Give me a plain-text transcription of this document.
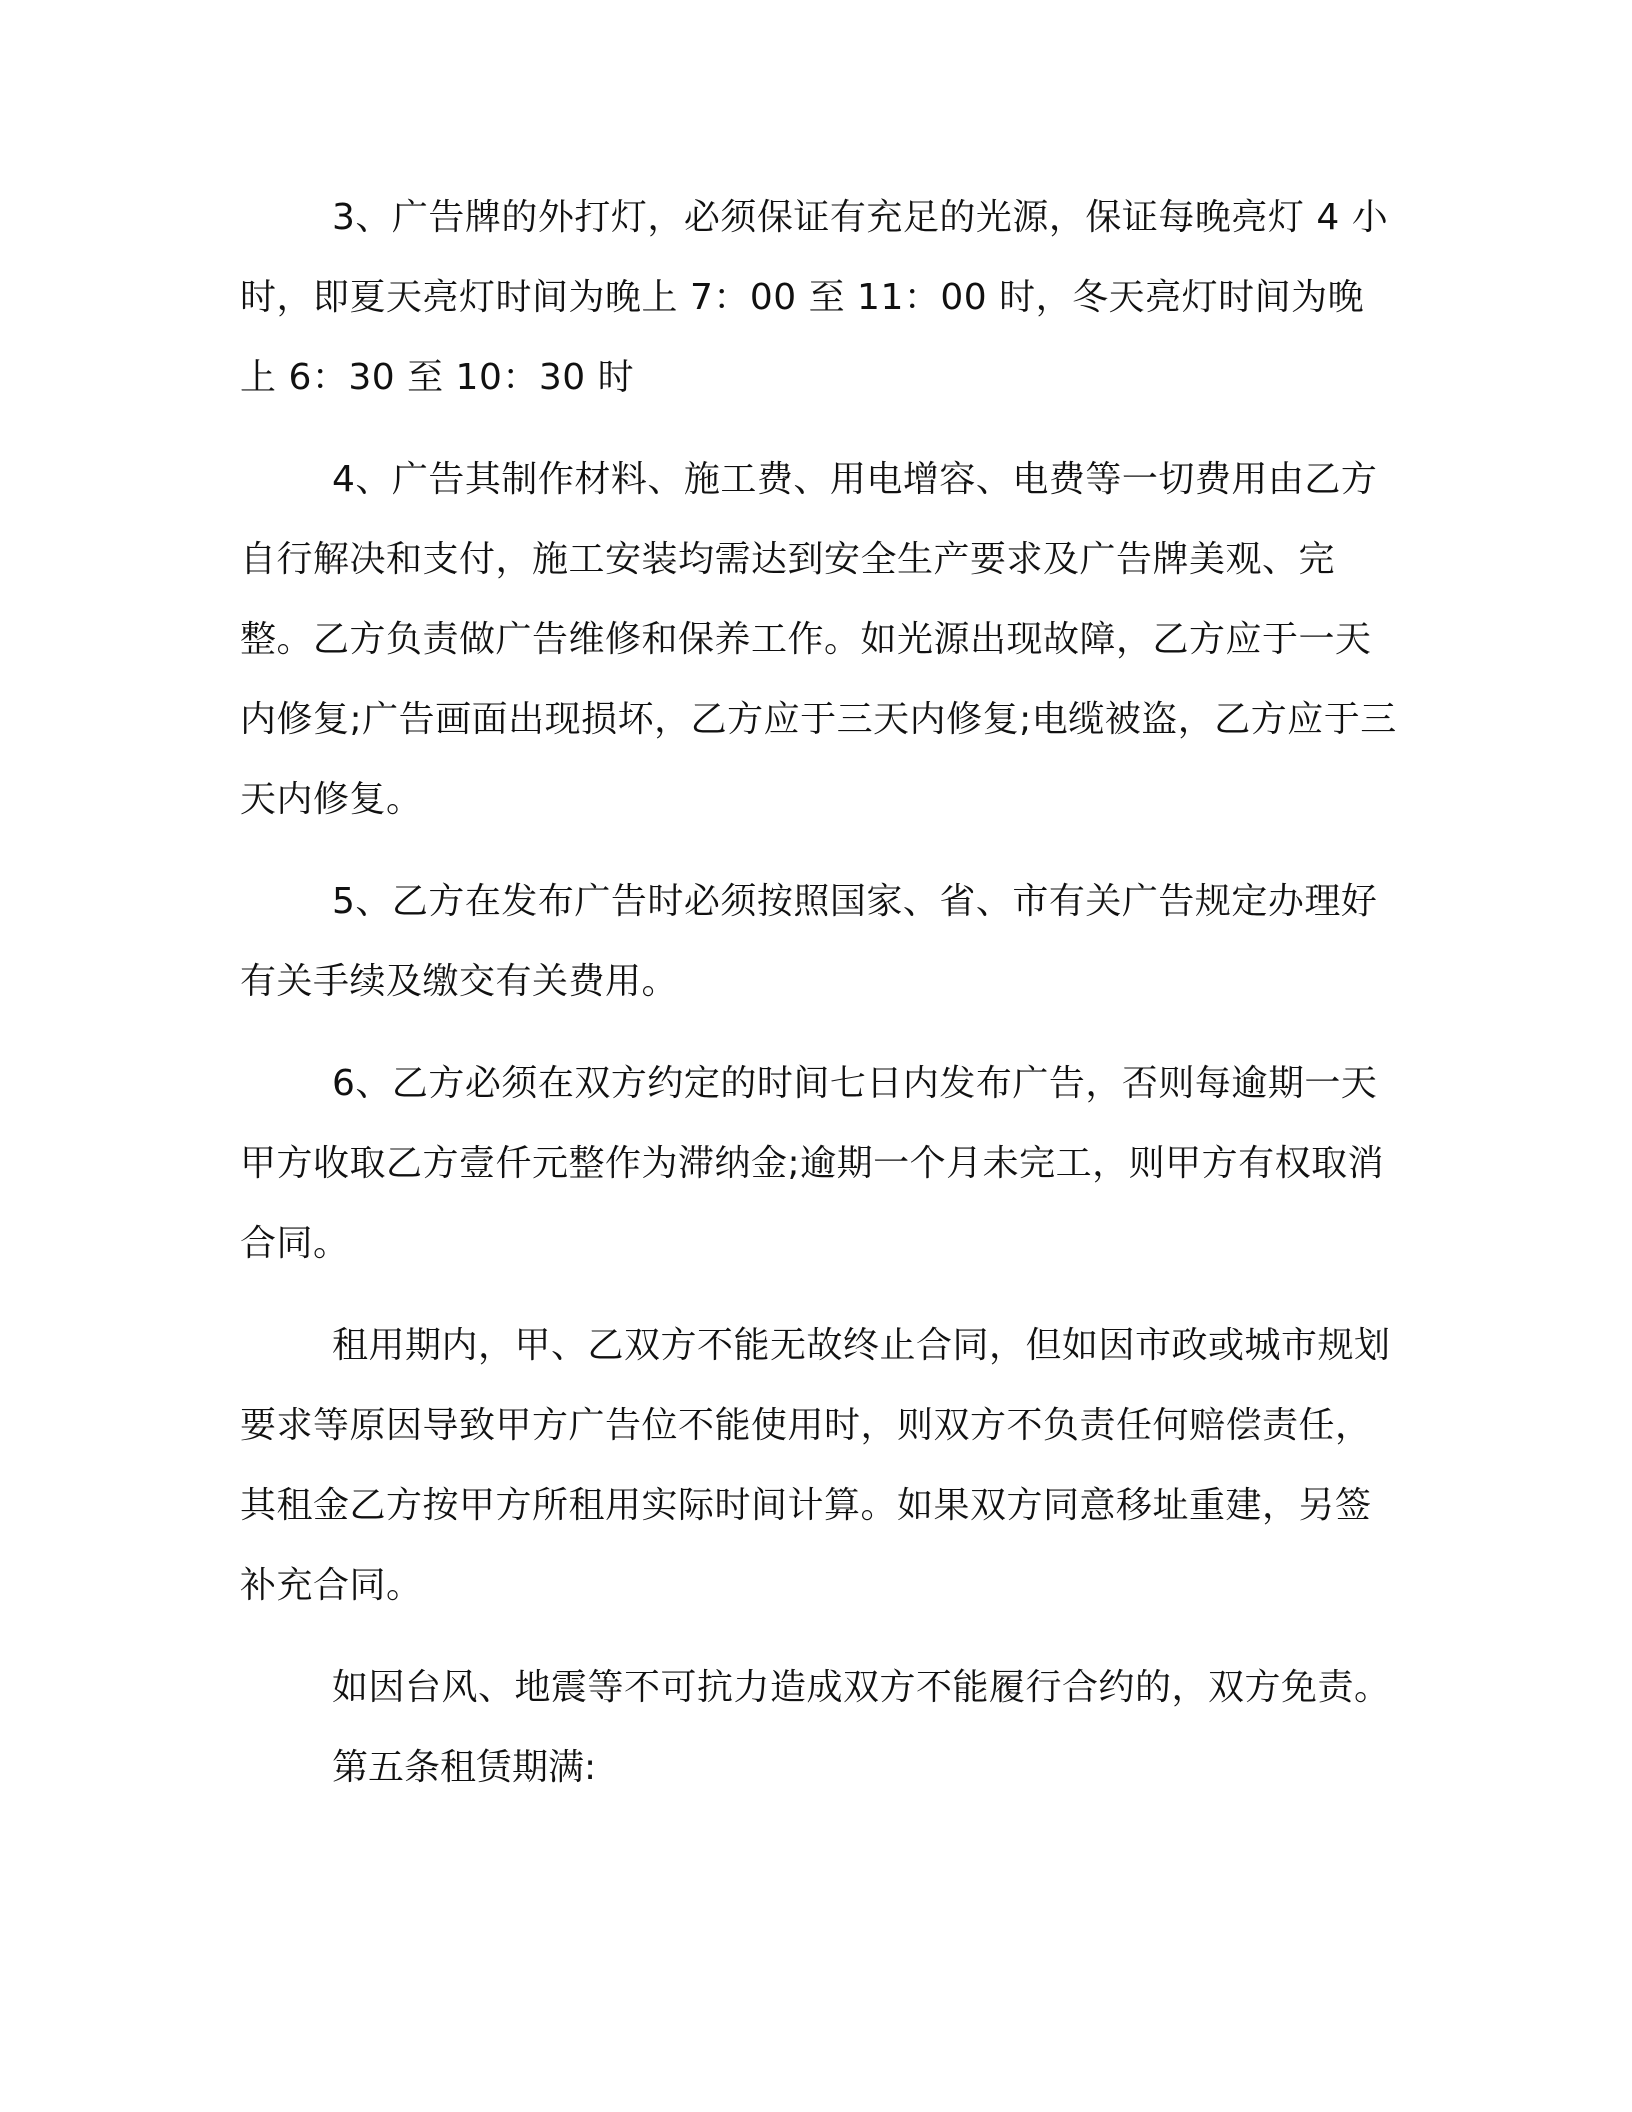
3、广告牌的外打灯，必须保证有充足的光源，保证每晚亮灯 4 小时，即夏天亮灯时间为晚上 7：00 至 11：00 时，冬天亮灯时间为晚上 6：30 至 10：30 时

4、广告其制作材料、施工费、用电增容、电费等一切费用由乙方自行解决和支付，施工安装均需达到安全生产要求及广告牌美观、完整。乙方负责做广告维修和保养工作。如光源出现故障，乙方应于一天内修复;广告画面出现损坏，乙方应于三天内修复;电缆被盗，乙方应于三天内修复。

5、乙方在发布广告时必须按照国家、省、市有关广告规定办理好有关手续及缴交有关费用。

6、乙方必须在双方约定的时间七日内发布广告，否则每逾期一天甲方收取乙方壹仟元整作为滞纳金;逾期一个月未完工，则甲方有权取消合同。

租用期内，甲、乙双方不能无故终止合同，但如因市政或城市规划要求等原因导致甲方广告位不能使用时，则双方不负责任何赔偿责任，其租金乙方按甲方所租用实际时间计算。如果双方同意移址重建，另签补充合同。

如因台风、地震等不可抗力造成双方不能履行合约的，双方免责。

第五条租赁期满:
